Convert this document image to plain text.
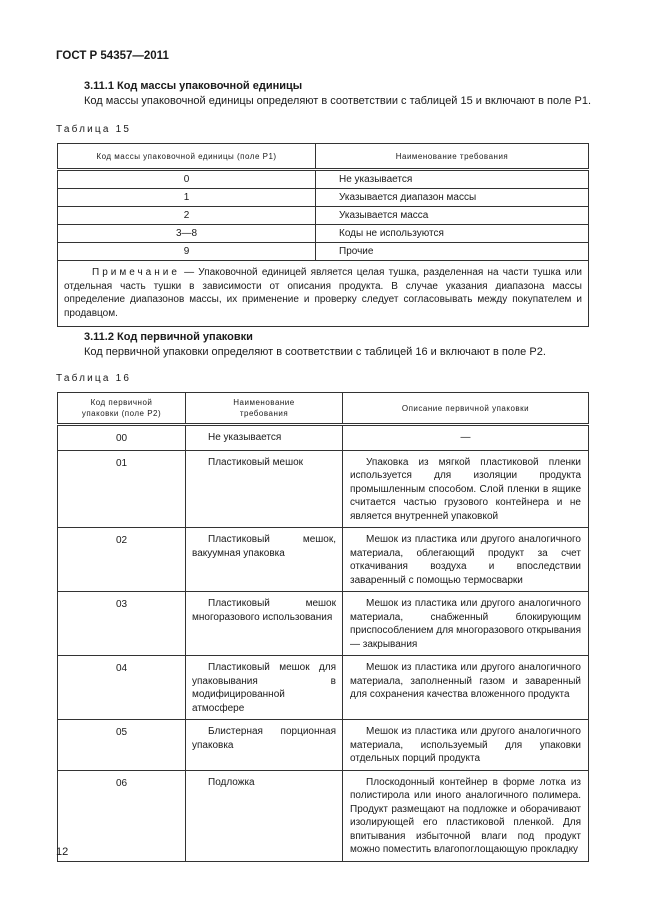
ГОСТ Р 54357—2011
3.11.1 Код массы упаковочной единицы
Код массы упаковочной единицы определяют в соответствии с таблицей 15 и включают в поле Р1.
Таблица 15
Код массы упаковочной единицы (поле Р1)	Наименование требования
0	Не указывается
1	Указывается диапазон массы
2	Указывается масса
3—8	Коды не используются
9	Прочие
Примечание — Упаковочной единицей является целая тушка, разделенная на части тушка или отдельная часть тушки в зависимости от описания продукта. В случае указания диапазона массы определение диапазонов массы, их применение и проверку следует согласовывать между покупателем и продавцом.	
3.11.2 Код первичной упаковки
Код первичной упаковки определяют в соответствии с таблицей 16 и включают в поле Р2.
Таблица 16
Код первичной упаковки (поле Р2)	Наименование требования	Описание первичной упаковки
00	Не указывается	—
01	Пластиковый мешок	Упаковка из мягкой пластиковой пленки используется для изоляции продукта промышленным способом. Слой пленки в ящике считается частью грузового контейнера и не является внутренней упаковкой
02	Пластиковый мешок, вакуумная упаковка	Мешок из пластика или другого аналогичного материала, облегающий продукт за счет откачивания воздуха и впоследствии заваренный с помощью термосварки
03	Пластиковый мешок многоразового использования	Мешок из пластика или другого аналогичного материала, снабженный блокирующим приспособлением для многоразового открывания — закрывания
04	Пластиковый мешок для упаковывания в модифицированной атмосфере	Мешок из пластика или другого аналогичного материала, заполненный газом и заваренный для сохранения качества вложенного продукта
05	Блистерная порционная упаковка	Мешок из пластика или другого аналогичного материала, используемый для упаковки отдельных порций продукта
06	Подложка	Плоскодонный контейнер в форме лотка из полистирола или иного аналогичного полимера. Продукт размещают на подложке и оборачивают изолирующей его пластиковой пленкой. Для впитывания избыточной влаги под продукт можно поместить влагопоглощающую прокладку
12
